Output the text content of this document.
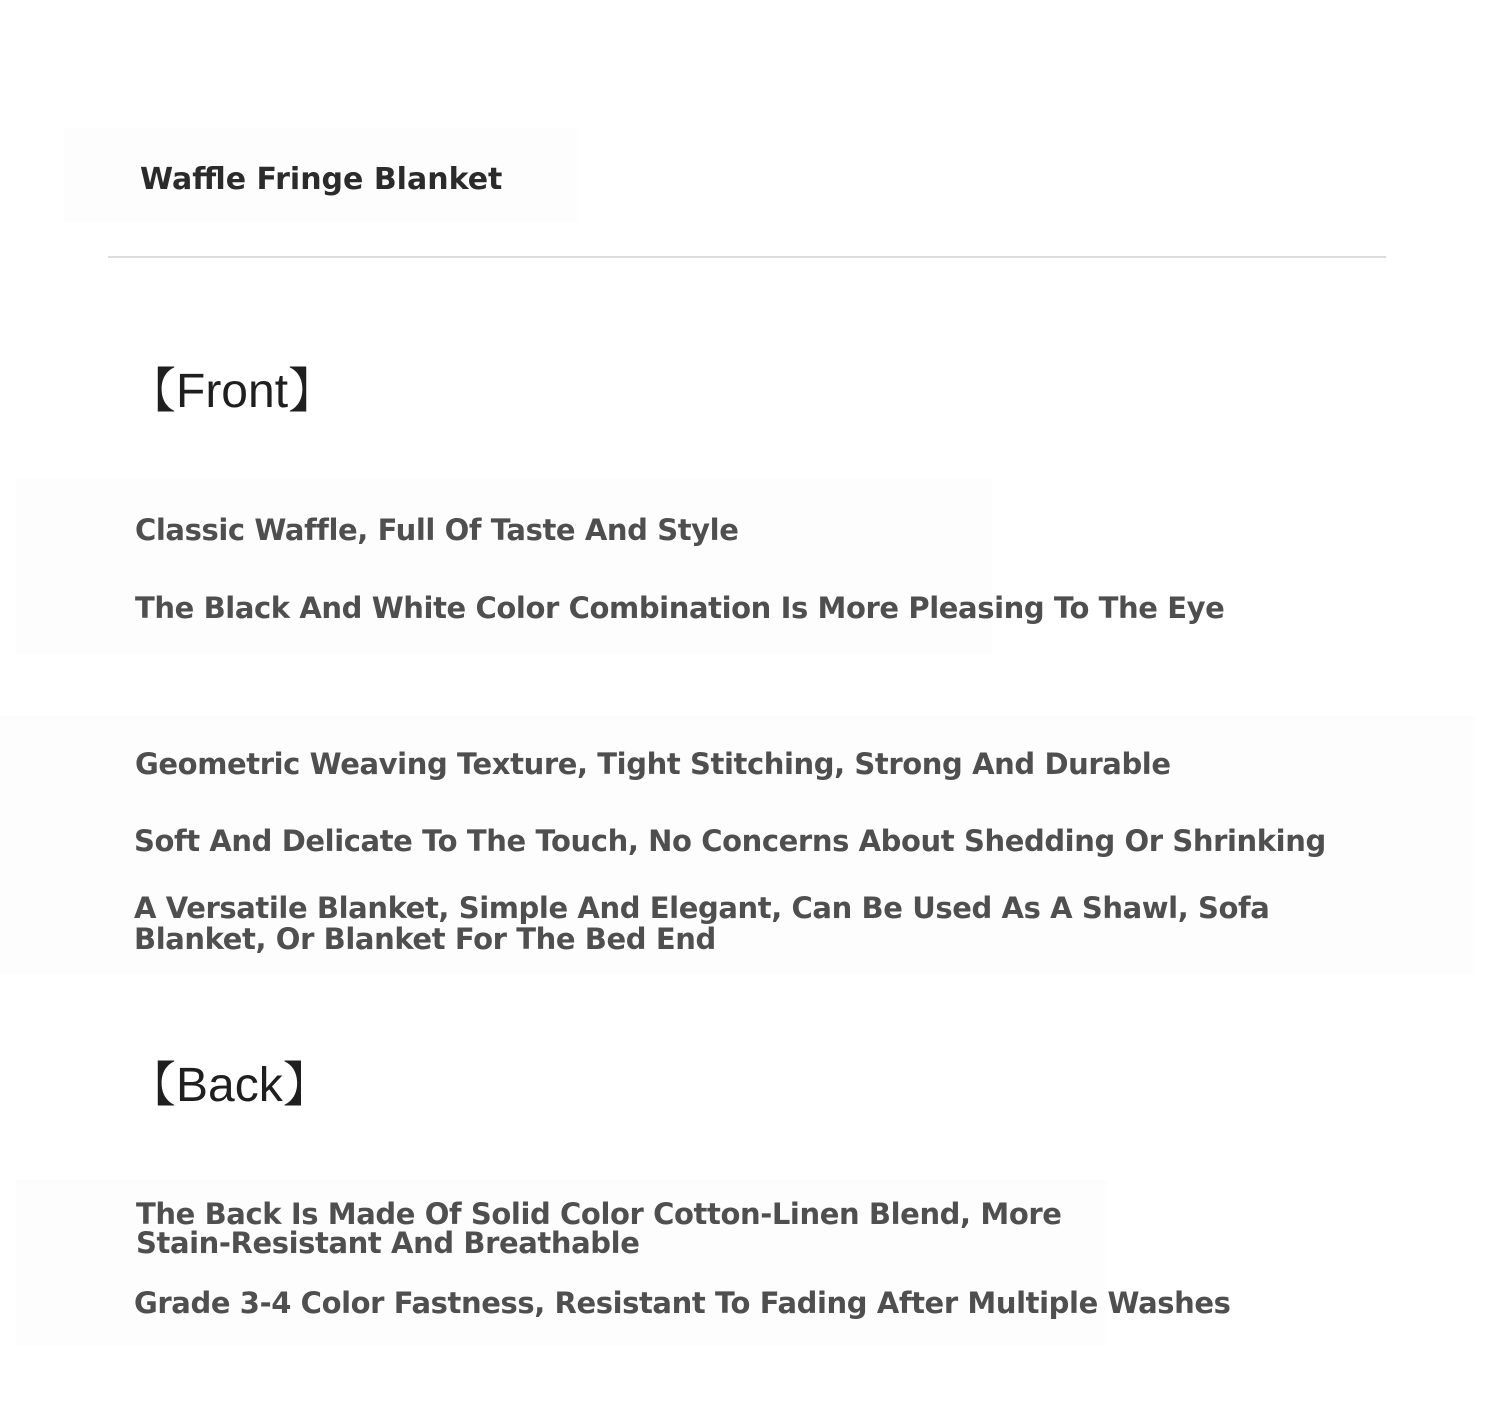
Waffle Fringe Blanket
【Front】
Classic Waffle, Full Of Taste And Style
The Black And White Color Combination Is More Pleasing To The Eye
Geometric Weaving Texture, Tight Stitching, Strong And Durable
Soft And Delicate To The Touch, No Concerns About Shedding Or Shrinking
A Versatile Blanket, Simple And Elegant, Can Be Used As A Shawl, Sofa Blanket, Or Blanket For The Bed End
【Back】
The Back Is Made Of Solid Color Cotton-Linen Blend, More Stain-Resistant And Breathable
Grade 3-4 Color Fastness, Resistant To Fading After Multiple Washes
